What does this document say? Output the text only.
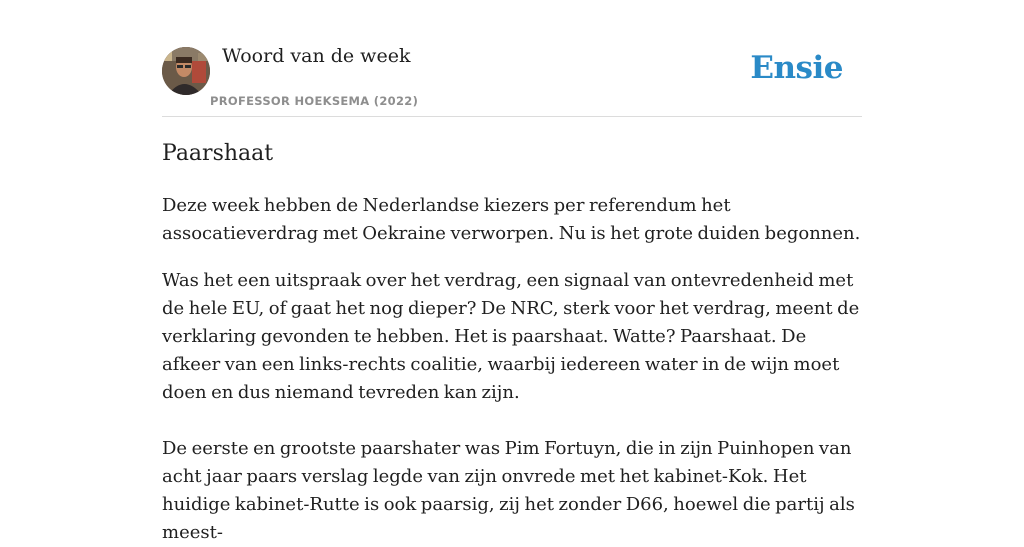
Woord van de week
PROFESSOR HOEKSEMA (2022)
Ensie
Paarshaat

Deze week hebben de Nederlandse kiezers per referendum het assocatieverdrag met Oekraine verworpen. Nu is het grote duiden begonnen.

Was het een uitspraak over het verdrag, een signaal van ontevredenheid met de hele EU, of gaat het nog dieper? De NRC, sterk voor het verdrag, meent de verklaring gevonden te hebben. Het is paarshaat. Watte? Paarshaat. De afkeer van een links-rechts coalitie, waarbij iedereen water in de wijn moet doen en dus niemand tevreden kan zijn.

De eerste en grootste paarshater was Pim Fortuyn, die in zijn Puinhopen van acht jaar paars verslag legde van zijn onvrede met het kabinet-Kok. Het huidige kabinet-Rutte is ook paarsig, zij het zonder D66, hoewel die partij als meest-
